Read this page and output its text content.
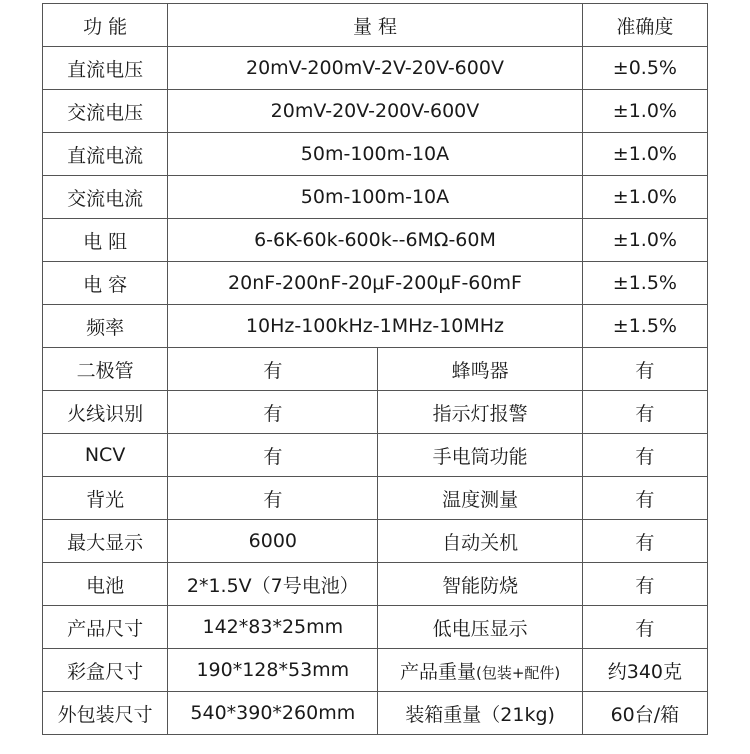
功 能	量 程		准确度
直流电压	20mV-200mV-2V-20V-600V		±0.5%
交流电压	20mV-20V-200V-600V		±1.0%
直流电流	50m-100m-10A		±1.0%
交流电流	50m-100m-10A		±1.0%
电 阻	6-6K-60k-600k--6MΩ-60M		±1.0%
电 容	20nF-200nF-20μF-200μF-60mF		±1.5%
频率	10Hz-100kHz-1MHz-10MHz		±1.5%
二极管	有	蜂鸣器	有
火线识别	有	指示灯报警	有
NCV	有	手电筒功能	有
背光	有	温度测量	有
最大显示	6000	自动关机	有
电池	2*1.5V（7号电池）	智能防烧	有
产品尺寸	142*83*25mm	低电压显示	有
彩盒尺寸	190*128*53mm	产品重量(包装+配件)	约340克
外包装尺寸	540*390*260mm	装箱重量（21kg)	60台/箱
